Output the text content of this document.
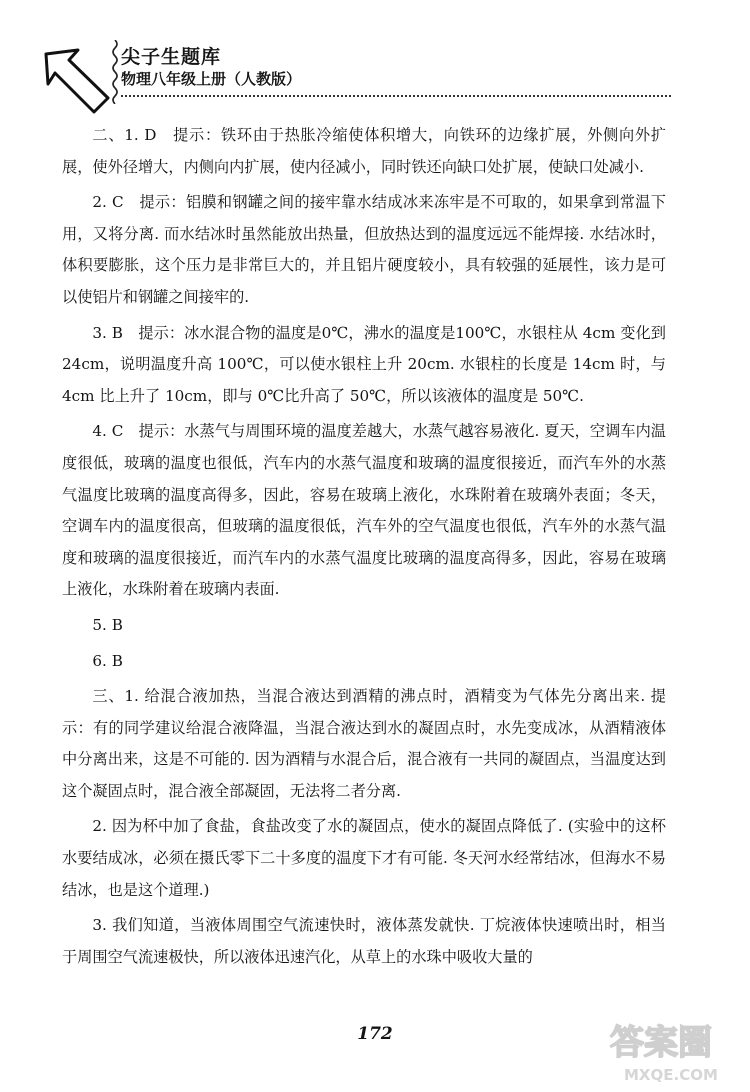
尖子生题库
物理八年级上册（人教版）

二、1. D　提示：铁环由于热胀冷缩使体积增大，向铁环的边缘扩展，外侧向外扩展，使外径增大，内侧向内扩展，使内径减小，同时铁还向缺口处扩展，使缺口处减小.

2. C　提示：铝膜和钢罐之间的接牢靠水结成冰来冻牢是不可取的，如果拿到常温下用，又将分离. 而水结冰时虽然能放出热量，但放热达到的温度远远不能焊接. 水结冰时，体积要膨胀，这个压力是非常巨大的，并且铝片硬度较小，具有较强的延展性，该力是可以使铝片和钢罐之间接牢的.

3. B　提示：冰水混合物的温度是0℃，沸水的温度是100℃，水银柱从 4cm 变化到 24cm，说明温度升高 100℃，可以使水银柱上升 20cm. 水银柱的长度是 14cm 时，与 4cm 比上升了 10cm，即与 0℃比升高了 50℃，所以该液体的温度是 50℃.

4. C　提示：水蒸气与周围环境的温度差越大，水蒸气越容易液化. 夏天，空调车内温度很低，玻璃的温度也很低，汽车内的水蒸气温度和玻璃的温度很接近，而汽车外的水蒸气温度比玻璃的温度高得多，因此，容易在玻璃上液化，水珠附着在玻璃外表面；冬天，空调车内的温度很高，但玻璃的温度很低，汽车外的空气温度也很低，汽车外的水蒸气温度和玻璃的温度很接近，而汽车内的水蒸气温度比玻璃的温度高得多，因此，容易在玻璃上液化，水珠附着在玻璃内表面.

5. B

6. B

三、1. 给混合液加热，当混合液达到酒精的沸点时，酒精变为气体先分离出来. 提示：有的同学建议给混合液降温，当混合液达到水的凝固点时，水先变成冰，从酒精液体中分离出来，这是不可能的. 因为酒精与水混合后，混合液有一共同的凝固点，当温度达到这个凝固点时，混合液全部凝固，无法将二者分离.

2. 因为杯中加了食盐，食盐改变了水的凝固点，使水的凝固点降低了. (实验中的这杯水要结成冰，必须在摄氏零下二十多度的温度下才有可能. 冬天河水经常结冰，但海水不易结冰，也是这个道理.)

3. 我们知道，当液体周围空气流速快时，液体蒸发就快. 丁烷液体快速喷出时，相当于周围空气流速极快，所以液体迅速汽化，从草上的水珠中吸收大量的

172	答案圈
MXQE.COM
